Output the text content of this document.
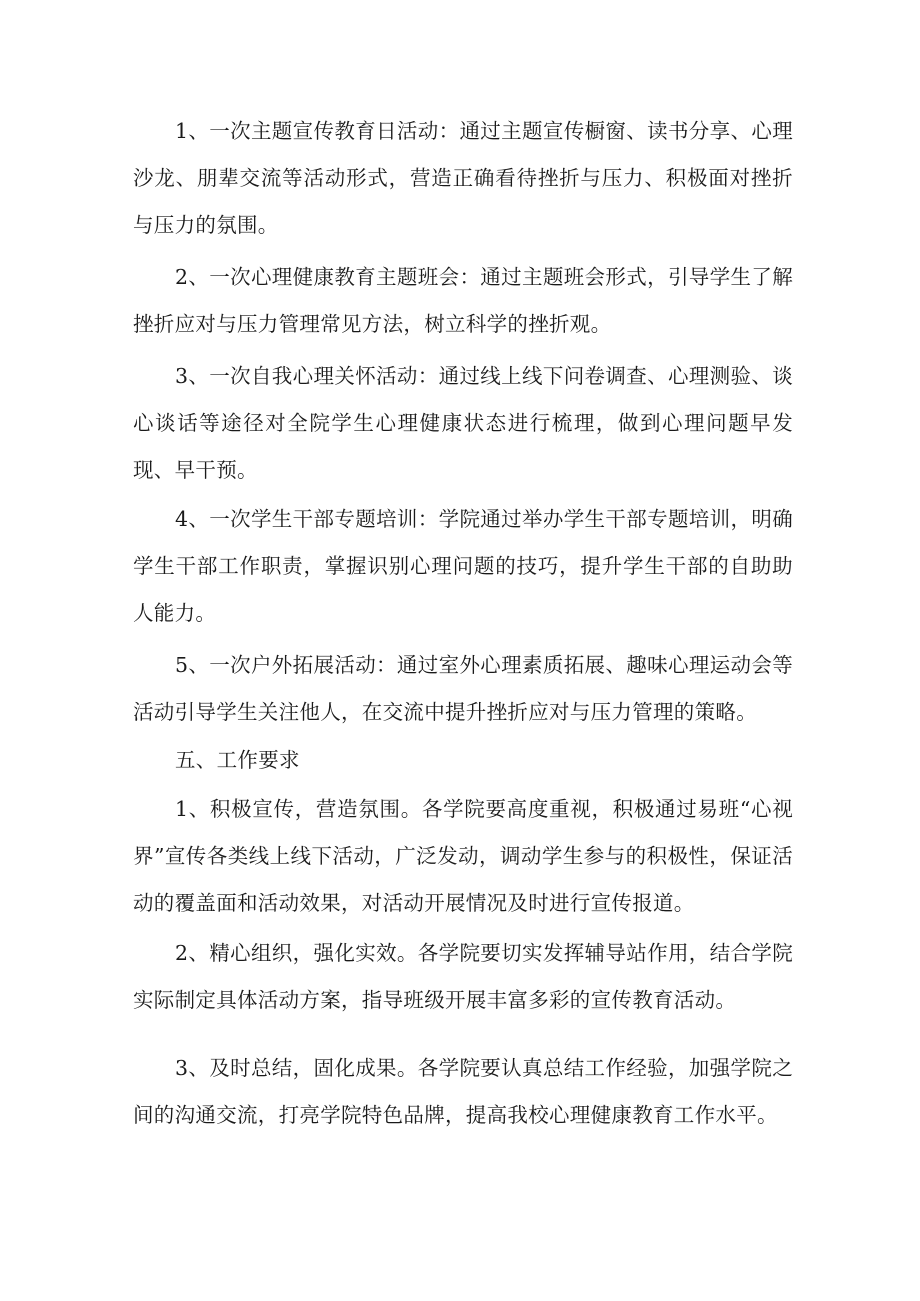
1、一次主题宣传教育日活动：通过主题宣传橱窗、读书分享、心理沙龙、朋辈交流等活动形式，营造正确看待挫折与压力、积极面对挫折与压力的氛围。

2、一次心理健康教育主题班会：通过主题班会形式，引导学生了解挫折应对与压力管理常见方法，树立科学的挫折观。

3、一次自我心理关怀活动：通过线上线下问卷调查、心理测验、谈心谈话等途径对全院学生心理健康状态进行梳理，做到心理问题早发现、早干预。

4、一次学生干部专题培训：学院通过举办学生干部专题培训，明确学生干部工作职责，掌握识别心理问题的技巧，提升学生干部的自助助人能力。

5、一次户外拓展活动：通过室外心理素质拓展、趣味心理运动会等活动引导学生关注他人，在交流中提升挫折应对与压力管理的策略。

五、工作要求

1、积极宣传，营造氛围。各学院要高度重视，积极通过易班“心视界”宣传各类线上线下活动，广泛发动，调动学生参与的积极性，保证活动的覆盖面和活动效果，对活动开展情况及时进行宣传报道。

2、精心组织，强化实效。各学院要切实发挥辅导站作用，结合学院实际制定具体活动方案，指导班级开展丰富多彩的宣传教育活动。

3、及时总结，固化成果。各学院要认真总结工作经验，加强学院之间的沟通交流，打亮学院特色品牌，提高我校心理健康教育工作水平。
